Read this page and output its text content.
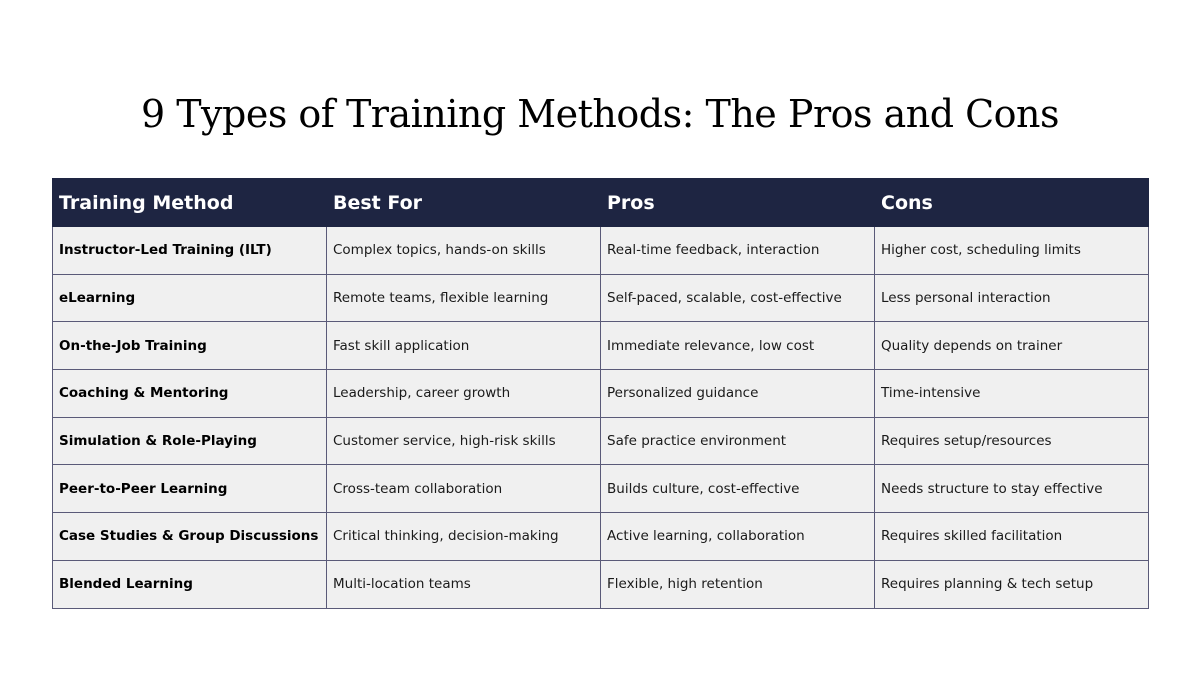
9 Types of Training Methods: The Pros and Cons
Training Method	Best For	Pros	Cons
Instructor-Led Training (ILT)	Complex topics, hands-on skills	Real-time feedback, interaction	Higher cost, scheduling limits
eLearning	Remote teams, flexible learning	Self-paced, scalable, cost-effective	Less personal interaction
On-the-Job Training	Fast skill application	Immediate relevance, low cost	Quality depends on trainer
Coaching & Mentoring	Leadership, career growth	Personalized guidance	Time-intensive
Simulation & Role-Playing	Customer service, high-risk skills	Safe practice environment	Requires setup/resources
Peer-to-Peer Learning	Cross-team collaboration	Builds culture, cost-effective	Needs structure to stay effective
Case Studies & Group Discussions	Critical thinking, decision-making	Active learning, collaboration	Requires skilled facilitation
Blended Learning	Multi-location teams	Flexible, high retention	Requires planning & tech setup
